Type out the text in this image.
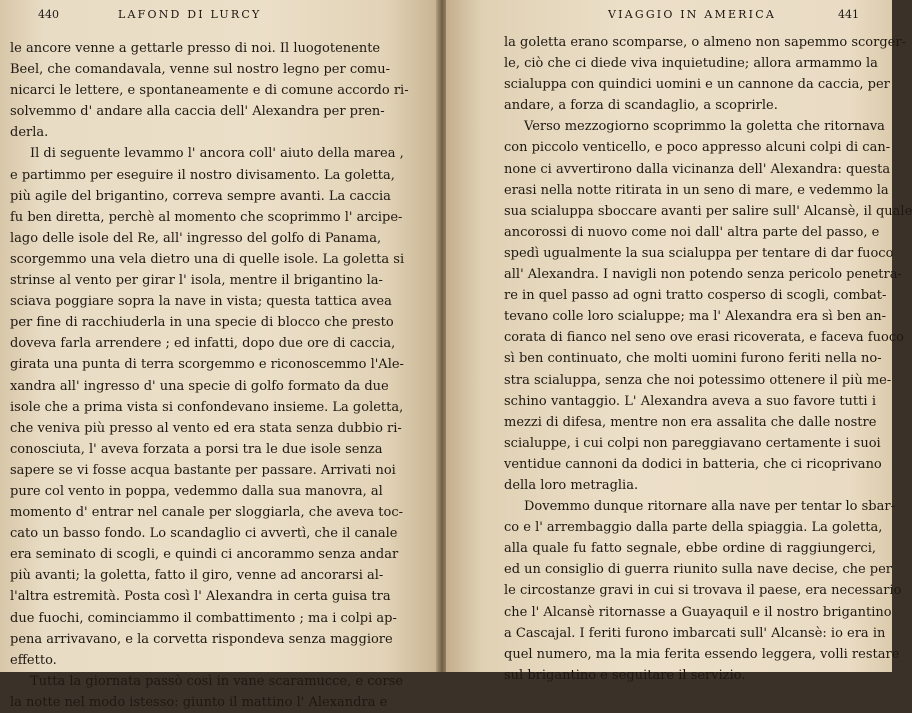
440	LAFOND DI LURCY
le ancore venne a gettarle presso di noi. Il luogotenente
Beel, che comandavala, venne sul nostro legno per comu-
nicarci le lettere, e spontaneamente e di comune accordo ri-
solvemmo d' andare alla caccia dell' Alexandra per pren-
derla.
Il di seguente levammo l' ancora coll' aiuto della marea ,
e partimmo per eseguire il nostro divisamento. La goletta,
più agile del brigantino, correva sempre avanti. La caccia
fu ben diretta, perchè al momento che scoprimmo l' arcipe-
lago delle isole del Re, all' ingresso del golfo di Panama,
scorgemmo una vela dietro una di quelle isole. La goletta si
strinse al vento per girar l' isola, mentre il brigantino la-
sciava poggiare sopra la nave in vista; questa tattica avea
per fine di racchiuderla in una specie di blocco che presto
doveva farla arrendere ; ed infatti, dopo due ore di caccia,
girata una punta di terra scorgemmo e riconoscemmo l'Ale-
xandra all' ingresso d' una specie di golfo formato da due
isole che a prima vista si confondevano insieme. La goletta,
che veniva più presso al vento ed era stata senza dubbio ri-
conosciuta, l' aveva forzata a porsi tra le due isole senza
sapere se vi fosse acqua bastante per passare. Arrivati noi
pure col vento in poppa, vedemmo dalla sua manovra, al
momento d' entrar nel canale per sloggiarla, che aveva toc-
cato un basso fondo. Lo scandaglio ci avvertì, che il canale
era seminato di scogli, e quindi ci ancorammo senza andar
più avanti; la goletta, fatto il giro, venne ad ancorarsi al-
l'altra estremità. Posta così l' Alexandra in certa guisa tra
due fuochi, cominciammo il combattimento ; ma i colpi ap-
pena arrivavano, e la corvetta rispondeva senza maggiore
effetto.
Tutta la giornata passò così in vane scaramucce, e corse
la notte nel modo istesso: giunto il mattino l' Alexandra e
VIAGGIO IN AMERICA	441
la goletta erano scomparse, o almeno non sapemmo scorger-
le, ciò che ci diede viva inquietudine; allora armammo la
scialuppa con quindici uomini e un cannone da caccia, per
andare, a forza di scandaglio, a scoprirle.
Verso mezzogiorno scoprimmo la goletta che ritornava
con piccolo venticello, e poco appresso alcuni colpi di can-
none ci avvertirono dalla vicinanza dell' Alexandra: questa
erasi nella notte ritirata in un seno di mare, e vedemmo la
sua scialuppa sboccare avanti per salire sull' Alcansè, il quale
ancorossi di nuovo come noi dall' altra parte del passo, e
spedì ugualmente la sua scialuppa per tentare di dar fuoco
all' Alexandra. I navigli non potendo senza pericolo penetra-
re in quel passo ad ogni tratto cosperso di scogli, combat-
tevano colle loro scialuppe; ma l' Alexandra era sì ben an-
corata di fianco nel seno ove erasi ricoverata, e faceva fuoco
sì ben continuato, che molti uomini furono feriti nella no-
stra scialuppa, senza che noi potessimo ottenere il più me-
schino vantaggio. L' Alexandra aveva a suo favore tutti i
mezzi di difesa, mentre non era assalita che dalle nostre
scialuppe, i cui colpi non pareggiavano certamente i suoi
ventidue cannoni da dodici in batteria, che ci ricoprivano
della loro metraglia.
Dovemmo dunque ritornare alla nave per tentar lo sbar-
co e l' arrembaggio dalla parte della spiaggia. La goletta,
alla quale fu fatto segnale, ebbe ordine di raggiungerci,
ed un consiglio di guerra riunito sulla nave decise, che per
le circostanze gravi in cui si trovava il paese, era necessario
che l' Alcansè ritornasse a Guayaquil e il nostro brigantino
a Cascajal. I feriti furono imbarcati sull' Alcansè: io era in
quel numero, ma la mia ferita essendo leggera, volli restare
sul brigantino e seguitare il servizio.
